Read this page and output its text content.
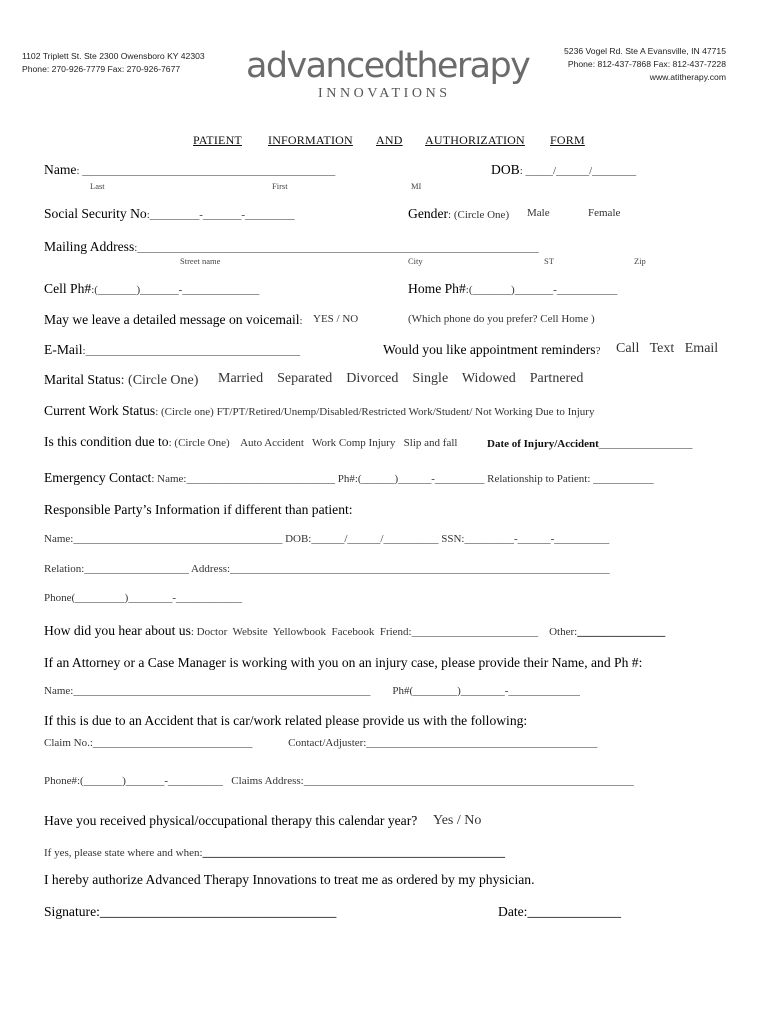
1102 Triplett St. Ste 2300 Owensboro KY 42303
Phone: 270-926-7779 Fax: 270-926-7677 advancedtherapy
INNOVATIONS
5236 Vogel Rd. Ste A Evansville, IN 47715
Phone: 812-437-7868 Fax: 812-437-7228
www.atitherapy.com
PATIENT INFORMATION AND AUTHORIZATION FORM
Name: ______________________________________________	DOB: _____/______/________
Last	First	MI
Social Security No:_________-_______-_________	Gender: (Circle One) Male	Female
Mailing Address:_________________________________________________________________________
Street name	City	ST	Zip
Cell Ph#:(_______)_______-______________	Home Ph#:(_______)_______-___________
May we leave a detailed message on voicemail: YES / NO	(Which phone do you prefer? Cell Home )
E-Mail:_______________________________________	Would you like appointment reminders? Call   Text   Email
Marital Status: (Circle One) Married    Separated    Divorced    Single    Widowed    Partnered
Current Work Status: (Circle one) FT/PT/Retired/Unemp/Disabled/Restricted Work/Student/ Not Working Due to Injury
Is this condition due to: (Circle One)    Auto Accident   Work Comp Injury   Slip and fall	Date of Injury/Accident_________________
Emergency Contact: Name:___________________________ Ph#:(______)______-_________ Relationship to Patient: ___________
Responsible Party’s Information if different than patient:
Name:______________________________________ DOB:______/______/__________ SSN:_________-______-__________
Relation:___________________ Address:_____________________________________________________________________
Phone(_________)________-____________
How did you hear about us: Doctor  Website  Yellowbook  Facebook  Friend:_______________________    Other:________________
If an Attorney or a Case Manager is working with you on an injury case, please provide their Name, and Ph #:
Name:______________________________________________________        Ph#(________)________-_____________
If this is due to an Accident that is car/work related please provide us with the following:
Claim No.:_____________________________             Contact/Adjuster:__________________________________________
Phone#:(_______)_______-__________   Claims Address:____________________________________________________________
Have you received physical/occupational therapy this calendar year? Yes / No
If yes, please state where and when:_______________________________________________________
I hereby authorize Advanced Therapy Innovations to treat me as ordered by my physician.
Signature:___________________________________________	Date:_________________
